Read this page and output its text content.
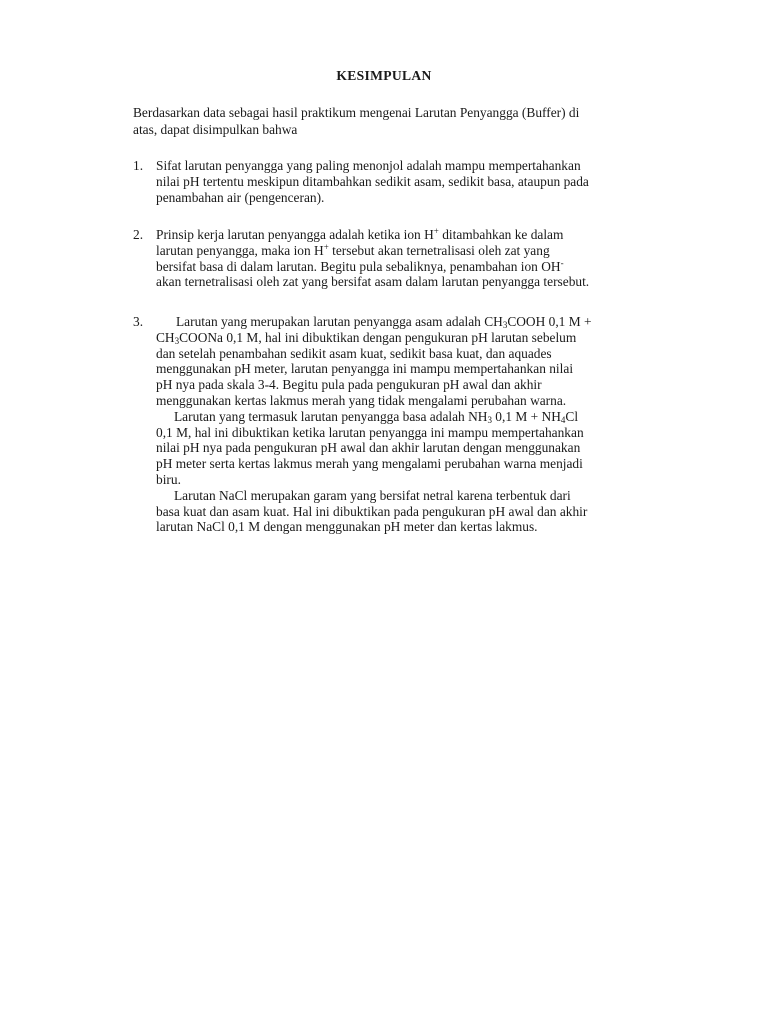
KESIMPULAN
Berdasarkan data sebagai hasil praktikum mengenai Larutan Penyangga (Buffer) di
atas, dapat disimpulkan bahwa
1. Sifat larutan penyangga yang paling menonjol adalah mampu mempertahankan
nilai pH tertentu meskipun ditambahkan sedikit asam, sedikit basa, ataupun pada
penambahan air (pengenceran).
2. Prinsip kerja larutan penyangga adalah ketika ion H+ ditambahkan ke dalam
larutan penyangga, maka ion H+ tersebut akan ternetralisasi oleh zat yang
bersifat basa di dalam larutan. Begitu pula sebaliknya, penambahan ion OH-
akan ternetralisasi oleh zat yang bersifat asam dalam larutan penyangga tersebut.
3.	Larutan yang merupakan larutan penyangga asam adalah $CH_3COOH$ 0,1 M +
$CH_3COONa$ 0,1 M, hal ini dibuktikan dengan pengukuran pH larutan sebelum
dan setelah penambahan sedikit asam kuat, sedikit basa kuat, dan aquades
menggunakan pH meter, larutan penyangga ini mampu mempertahankan nilai
pH nya pada skala 3-4. Begitu pula pada pengukuran pH awal dan akhir
menggunakan kertas lakmus merah yang tidak mengalami perubahan warna.
Larutan yang termasuk larutan penyangga basa adalah $NH_3$ 0,1 $M + NH_4Cl$
0,1 M, hal ini dibuktikan ketika larutan penyangga ini mampu mempertahankan
nilai pH nya pada pengukuran pH awal dan akhir larutan dengan menggunakan
pH meter serta kertas lakmus merah yang mengalami perubahan warna menjadi
biru.
Larutan NaCl merupakan garam yang bersifat netral karena terbentuk dari
basa kuat dan asam kuat. Hal ini dibuktikan pada pengukuran pH awal dan akhir
larutan NaCl 0,1 M dengan menggunakan pH meter dan kertas lakmus.
